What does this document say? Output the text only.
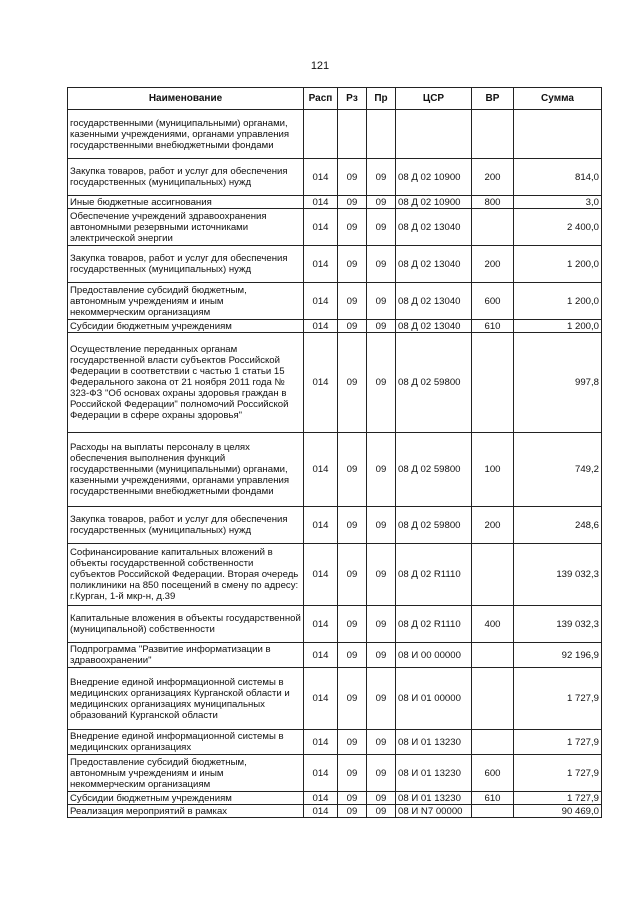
121
Наименование	Расп	Рз	Пр	ЦСР	ВР	Сумма
государственными (муниципальными) органами, казенными учреждениями, органами управления государственными внебюджетными фондами						
Закупка товаров, работ и услуг для обеспечения государственных (муниципальных) нужд	014	09	09	08 Д 02 10900	200	814,0
Иные бюджетные ассигнования	014	09	09	08 Д 02 10900	800	3,0
Обеспечение учреждений здравоохранения автономными резервными источниками электрической энергии	014	09	09	08 Д 02 13040		2 400,0
Закупка товаров, работ и услуг для обеспечения государственных (муниципальных) нужд	014	09	09	08 Д 02 13040	200	1 200,0
Предоставление субсидий бюджетным, автономным учреждениям и иным некоммерческим организациям	014	09	09	08 Д 02 13040	600	1 200,0
Субсидии бюджетным учреждениям	014	09	09	08 Д 02 13040	610	1 200,0
Осуществление переданных органам государственной власти субъектов Российской Федерации в соответствии с частью 1 статьи 15 Федерального закона от 21 ноября 2011 года № 323-ФЗ "Об основах охраны здоровья граждан в Российской Федерации" полномочий Российской Федерации в сфере охраны здоровья"	014	09	09	08 Д 02 59800		997,8
Расходы на выплаты персоналу в целях обеспечения выполнения функций государственными (муниципальными) органами, казенными учреждениями, органами управления государственными внебюджетными фондами	014	09	09	08 Д 02 59800	100	749,2
Закупка товаров, работ и услуг для обеспечения государственных (муниципальных) нужд	014	09	09	08 Д 02 59800	200	248,6
Софинансирование капитальных вложений в объекты государственной собственности субъектов Российской Федерации. Вторая очередь поликлиники на 850 посещений в смену по адресу: г.Курган, 1-й мкр-н, д.39	014	09	09	08 Д 02 R1110		139 032,3
Капитальные вложения в объекты государственной (муниципальной) собственности	014	09	09	08 Д 02 R1110	400	139 032,3
Подпрограмма "Развитие информатизации в здравоохранении"	014	09	09	08 И 00 00000		92 196,9
Внедрение единой информационной системы в медицинских организациях Курганской области и медицинских организациях муниципальных образований Курганской области	014	09	09	08 И 01 00000		1 727,9
Внедрение единой информационной системы в медицинских организациях	014	09	09	08 И 01 13230		1 727,9
Предоставление субсидий бюджетным, автономным учреждениям и иным некоммерческим организациям	014	09	09	08 И 01 13230	600	1 727,9
Субсидии бюджетным учреждениям	014	09	09	08 И 01 13230	610	1 727,9
Реализация мероприятий в рамках	014	09	09	08 И N7 00000		90 469,0
